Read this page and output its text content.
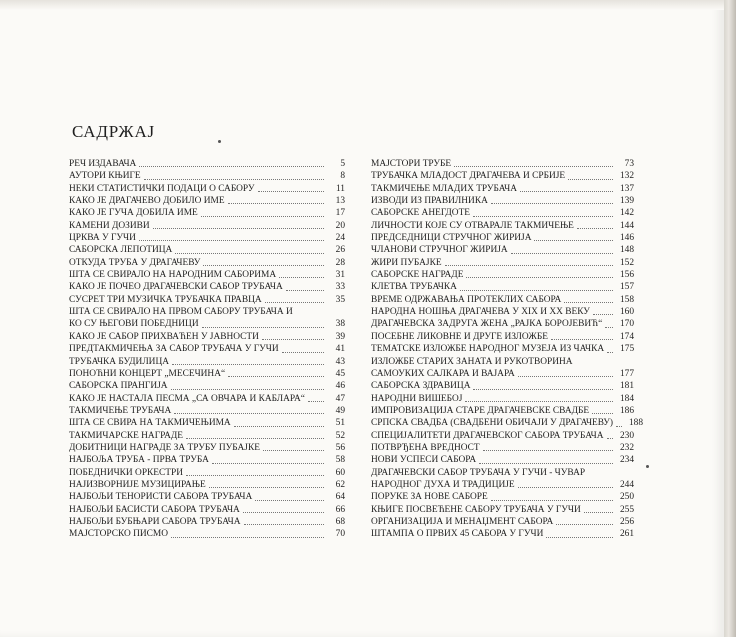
САДРЖАЈ
РЕЧ ИЗДАВАЧА	5
АУТОРИ КЊИГЕ	8
НЕКИ СТАТИСТИЧКИ ПОДАЦИ О САБОРУ	11
КАКО ЈЕ ДРАГАЧЕВО ДОБИЛО ИМЕ	13
КАКО ЈЕ ГУЧА ДОБИЛА ИМЕ	17
КАМЕНИ ДОЗИВИ	20
ЦРКВА У ГУЧИ	24
САБОРСКА ЛЕПОТИЦА	26
ОТКУДА ТРУБА У ДРАГАЧЕВУ	28
ШТА СЕ СВИРАЛО НА НАРОДНИМ САБОРИМА	31
КАКО ЈЕ ПОЧЕО ДРАГАЧЕВСКИ САБОР ТРУБАЧА	33
СУСРЕТ ТРИ МУЗИЧКА ТРУБАЧКА ПРАВЦА	35
ШТА СЕ СВИРАЛО НА ПРВОМ САБОРУ ТРУБАЧА И
КО СУ ЊЕГОВИ ПОБЕДНИЦИ	38
КАКО ЈЕ САБОР ПРИХВАЋЕН У ЈАВНОСТИ	39
ПРЕДТАКМИЧЕЊА ЗА САБОР ТРУБАЧА У ГУЧИ	41
ТРУБАЧКА БУДИЛИЦА	43
ПОНОЋНИ КОНЦЕРТ „МЕСЕЧИНА“	45
САБОРСКА ПРАНГИЈА	46
КАКО ЈЕ НАСТАЛА ПЕСМА „СА ОВЧАРА И КАБЛАРА“	47
ТАКМИЧЕЊЕ ТРУБАЧА	49
ШТА СЕ СВИРА НА ТАКМИЧЕЊИМА	51
ТАКМИЧАРСКЕ НАГРАДЕ	52
ДОБИТНИЦИ НАГРАДЕ ЗА ТРУБУ ПУБАЈКЕ	56
НАЈБОЉА ТРУБА - ПРВА ТРУБА	58
ПОБЕДНИЧКИ ОРКЕСТРИ	60
НАЈИЗВОРНИЈЕ МУЗИЦИРАЊЕ	62
НАЈБОЉИ ТЕНОРИСТИ САБОРА ТРУБАЧА	64
НАЈБОЉИ БАСИСТИ САБОРА ТРУБАЧА	66
НАЈБОЉИ БУБЊАРИ САБОРА ТРУБАЧА	68
МАЈСТОРСКО ПИСМО	70
МАЈСТОРИ ТРУБЕ	73
ТРУБАЧКА МЛАДОСТ ДРАГАЧЕВА И СРБИЈЕ	132
ТАКМИЧЕЊЕ МЛАДИХ ТРУБАЧА	137
ИЗВОДИ ИЗ ПРАВИЛНИКА	139
САБОРСКЕ АНЕГДОТЕ	142
ЛИЧНОСТИ КОЈЕ СУ ОТВАРАЛЕ ТАКМИЧЕЊЕ	144
ПРЕДСЕДНИЦИ СТРУЧНОГ ЖИРИЈА	146
ЧЛАНОВИ СТРУЧНОГ ЖИРИЈА	148
ЖИРИ ПУБАЈКЕ	152
САБОРСКЕ НАГРАДЕ	156
КЛЕТВА ТРУБАЧКА	157
ВРЕМЕ ОДРЖАВАЊА ПРОТЕКЛИХ САБОРА	158
НАРОДНА НОШЊА ДРАГАЧЕВА У XIX И XX ВЕКУ	160
ДРАГАЧЕВСКА ЗАДРУГА ЖЕНА „РАЈКА БОРОЈЕВИЋ“	170
ПОСЕБНЕ ЛИКОВНЕ И ДРУГЕ ИЗЛОЖБЕ	174
ТЕМАТСКЕ ИЗЛОЖБЕ НАРОДНОГ МУЗЕЈА ИЗ ЧАЧКА	175
ИЗЛОЖБЕ СТАРИХ ЗАНАТА И РУКОТВОРИНА
САМОУКИХ САЛКАРА И ВАЈАРА	177
САБОРСКА ЗДРАВИЦА	181
НАРОДНИ ВИШЕБОЈ	184
ИМПРОВИЗАЦИЈА СТАРЕ ДРАГАЧЕВСКЕ СВАДБЕ	186
СРПСКА СВАДБА (СВАДБЕНИ ОБИЧАЈИ У ДРАГАЧЕВУ)	188
СПЕЦИЈАЛИТЕТИ ДРАГАЧЕВСКОГ САБОРА ТРУБАЧА	230
ПОТВРЂЕНА ВРЕДНОСТ	232
НОВИ УСПЕСИ САБОРА	234
ДРАГАЧЕВСКИ САБОР ТРУБАЧА У ГУЧИ - ЧУВАР
НАРОДНОГ ДУХА И ТРАДИЦИЈЕ	244
ПОРУКЕ ЗА НОВЕ САБОРЕ	250
КЊИГЕ ПОСВЕЋЕНЕ САБОРУ ТРУБАЧА У ГУЧИ	255
ОРГАНИЗАЦИЈА И МЕНАЏМЕНТ САБОРА	256
ШТАМПА О ПРВИХ 45 САБОРА У ГУЧИ	261
